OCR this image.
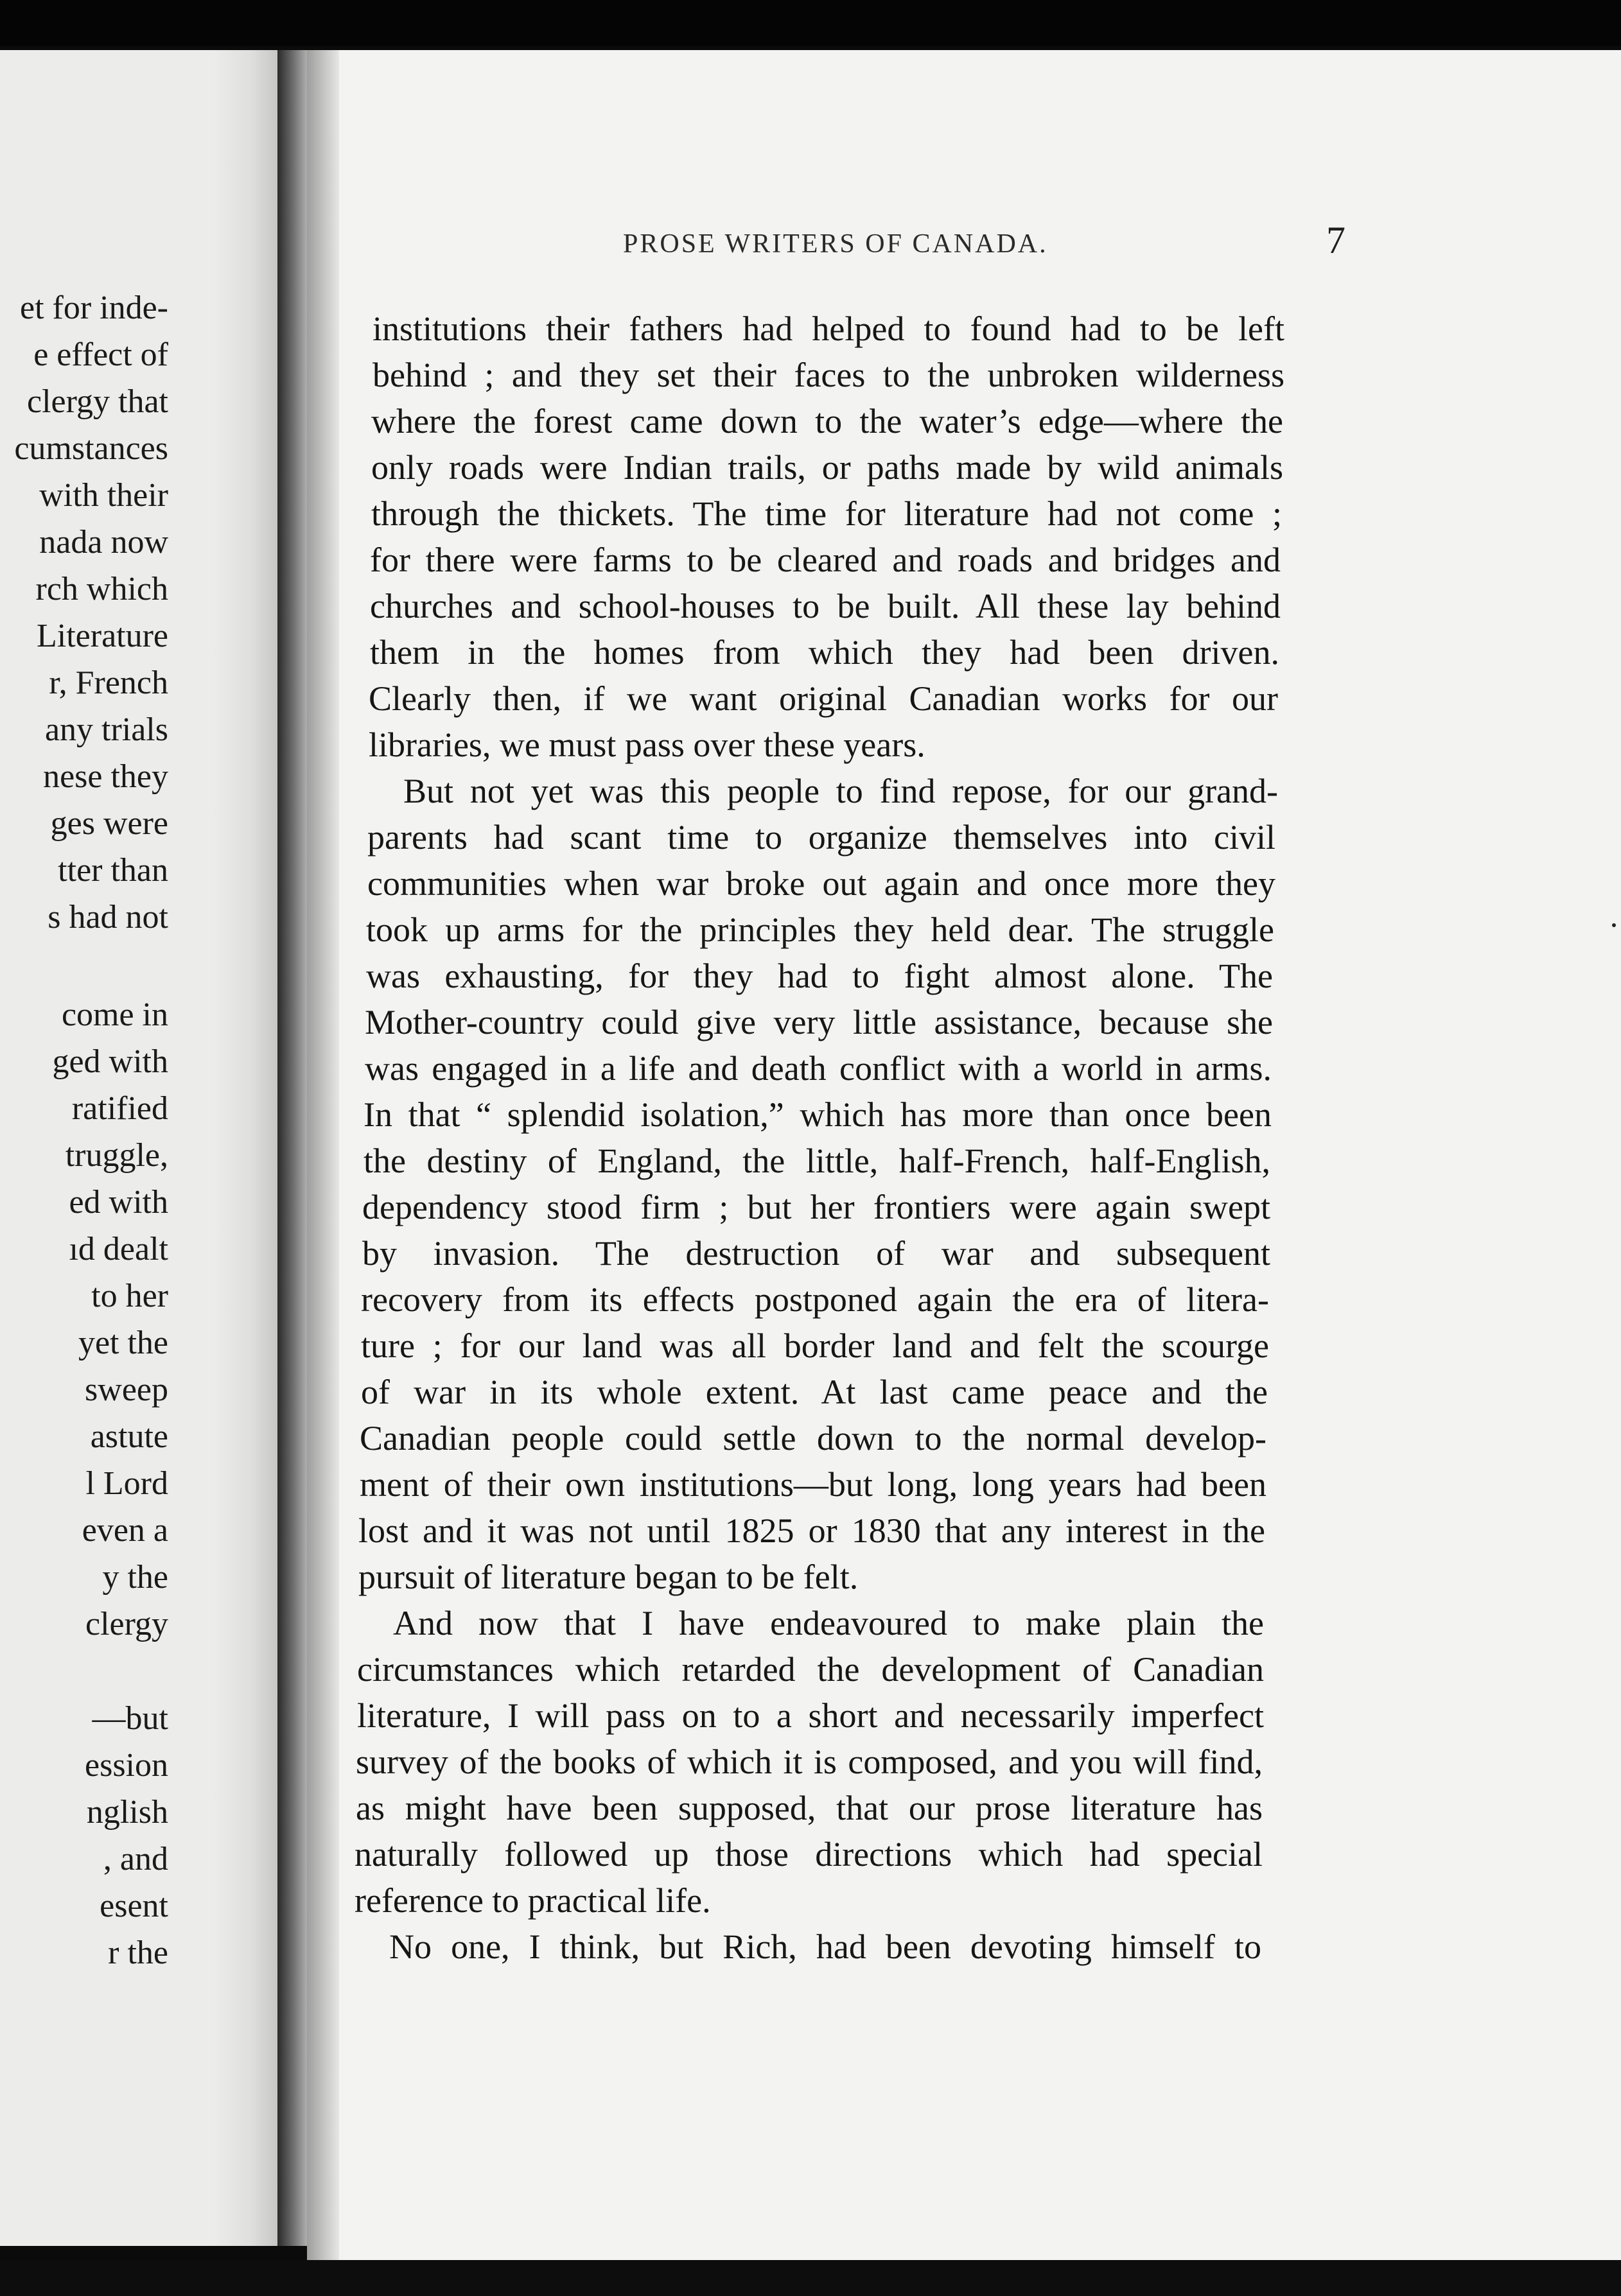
et for inde-
e effect of
clergy that
cumstances
with their
nada now
rch which
Literature
r, French
any trials
nese they
ges were
tter than
s had not
come in
ged with
ratified
truggle,
ed with
ıd dealt
to her
yet the
sweep
astute
l Lord
even a
y the
clergy
—but
ession
nglish
, and
esent
r the
PROSE WRITERS OF CANADA.	7
institutions their fathers had helped to found had to be left
behind ; and they set their faces to the unbroken wilderness
where the forest came down to the water’s edge—where the
only roads were Indian trails, or paths made by wild animals
through the thickets. The time for literature had not come ;
for there were farms to be cleared and roads and bridges and
churches and school-houses to be built. All these lay behind
them in the homes from which they had been driven.
Clearly then, if we want original Canadian works for our
libraries, we must pass over these years.
But not yet was this people to find repose, for our grand-
parents had scant time to organize themselves into civil
communities when war broke out again and once more they
took up arms for the principles they held dear. The struggle
was exhausting, for they had to fight almost alone. The
Mother-country could give very little assistance, because she
was engaged in a life and death conflict with a world in arms.
In that “ splendid isolation,” which has more than once been
the destiny of England, the little, half-French, half-English,
dependency stood firm ; but her frontiers were again swept
by invasion. The destruction of war and subsequent
recovery from its effects postponed again the era of litera-
ture ; for our land was all border land and felt the scourge
of war in its whole extent. At last came peace and the
Canadian people could settle down to the normal develop-
ment of their own institutions—but long, long years had been
lost and it was not until 1825 or 1830 that any interest in the
pursuit of literature began to be felt.
And now that I have endeavoured to make plain the
circumstances which retarded the development of Canadian
literature, I will pass on to a short and necessarily imperfect
survey of the books of which it is composed, and you will find,
as might have been supposed, that our prose literature has
naturally followed up those directions which had special
reference to practical life.
No one, I think, but Rich, had been devoting himself to
